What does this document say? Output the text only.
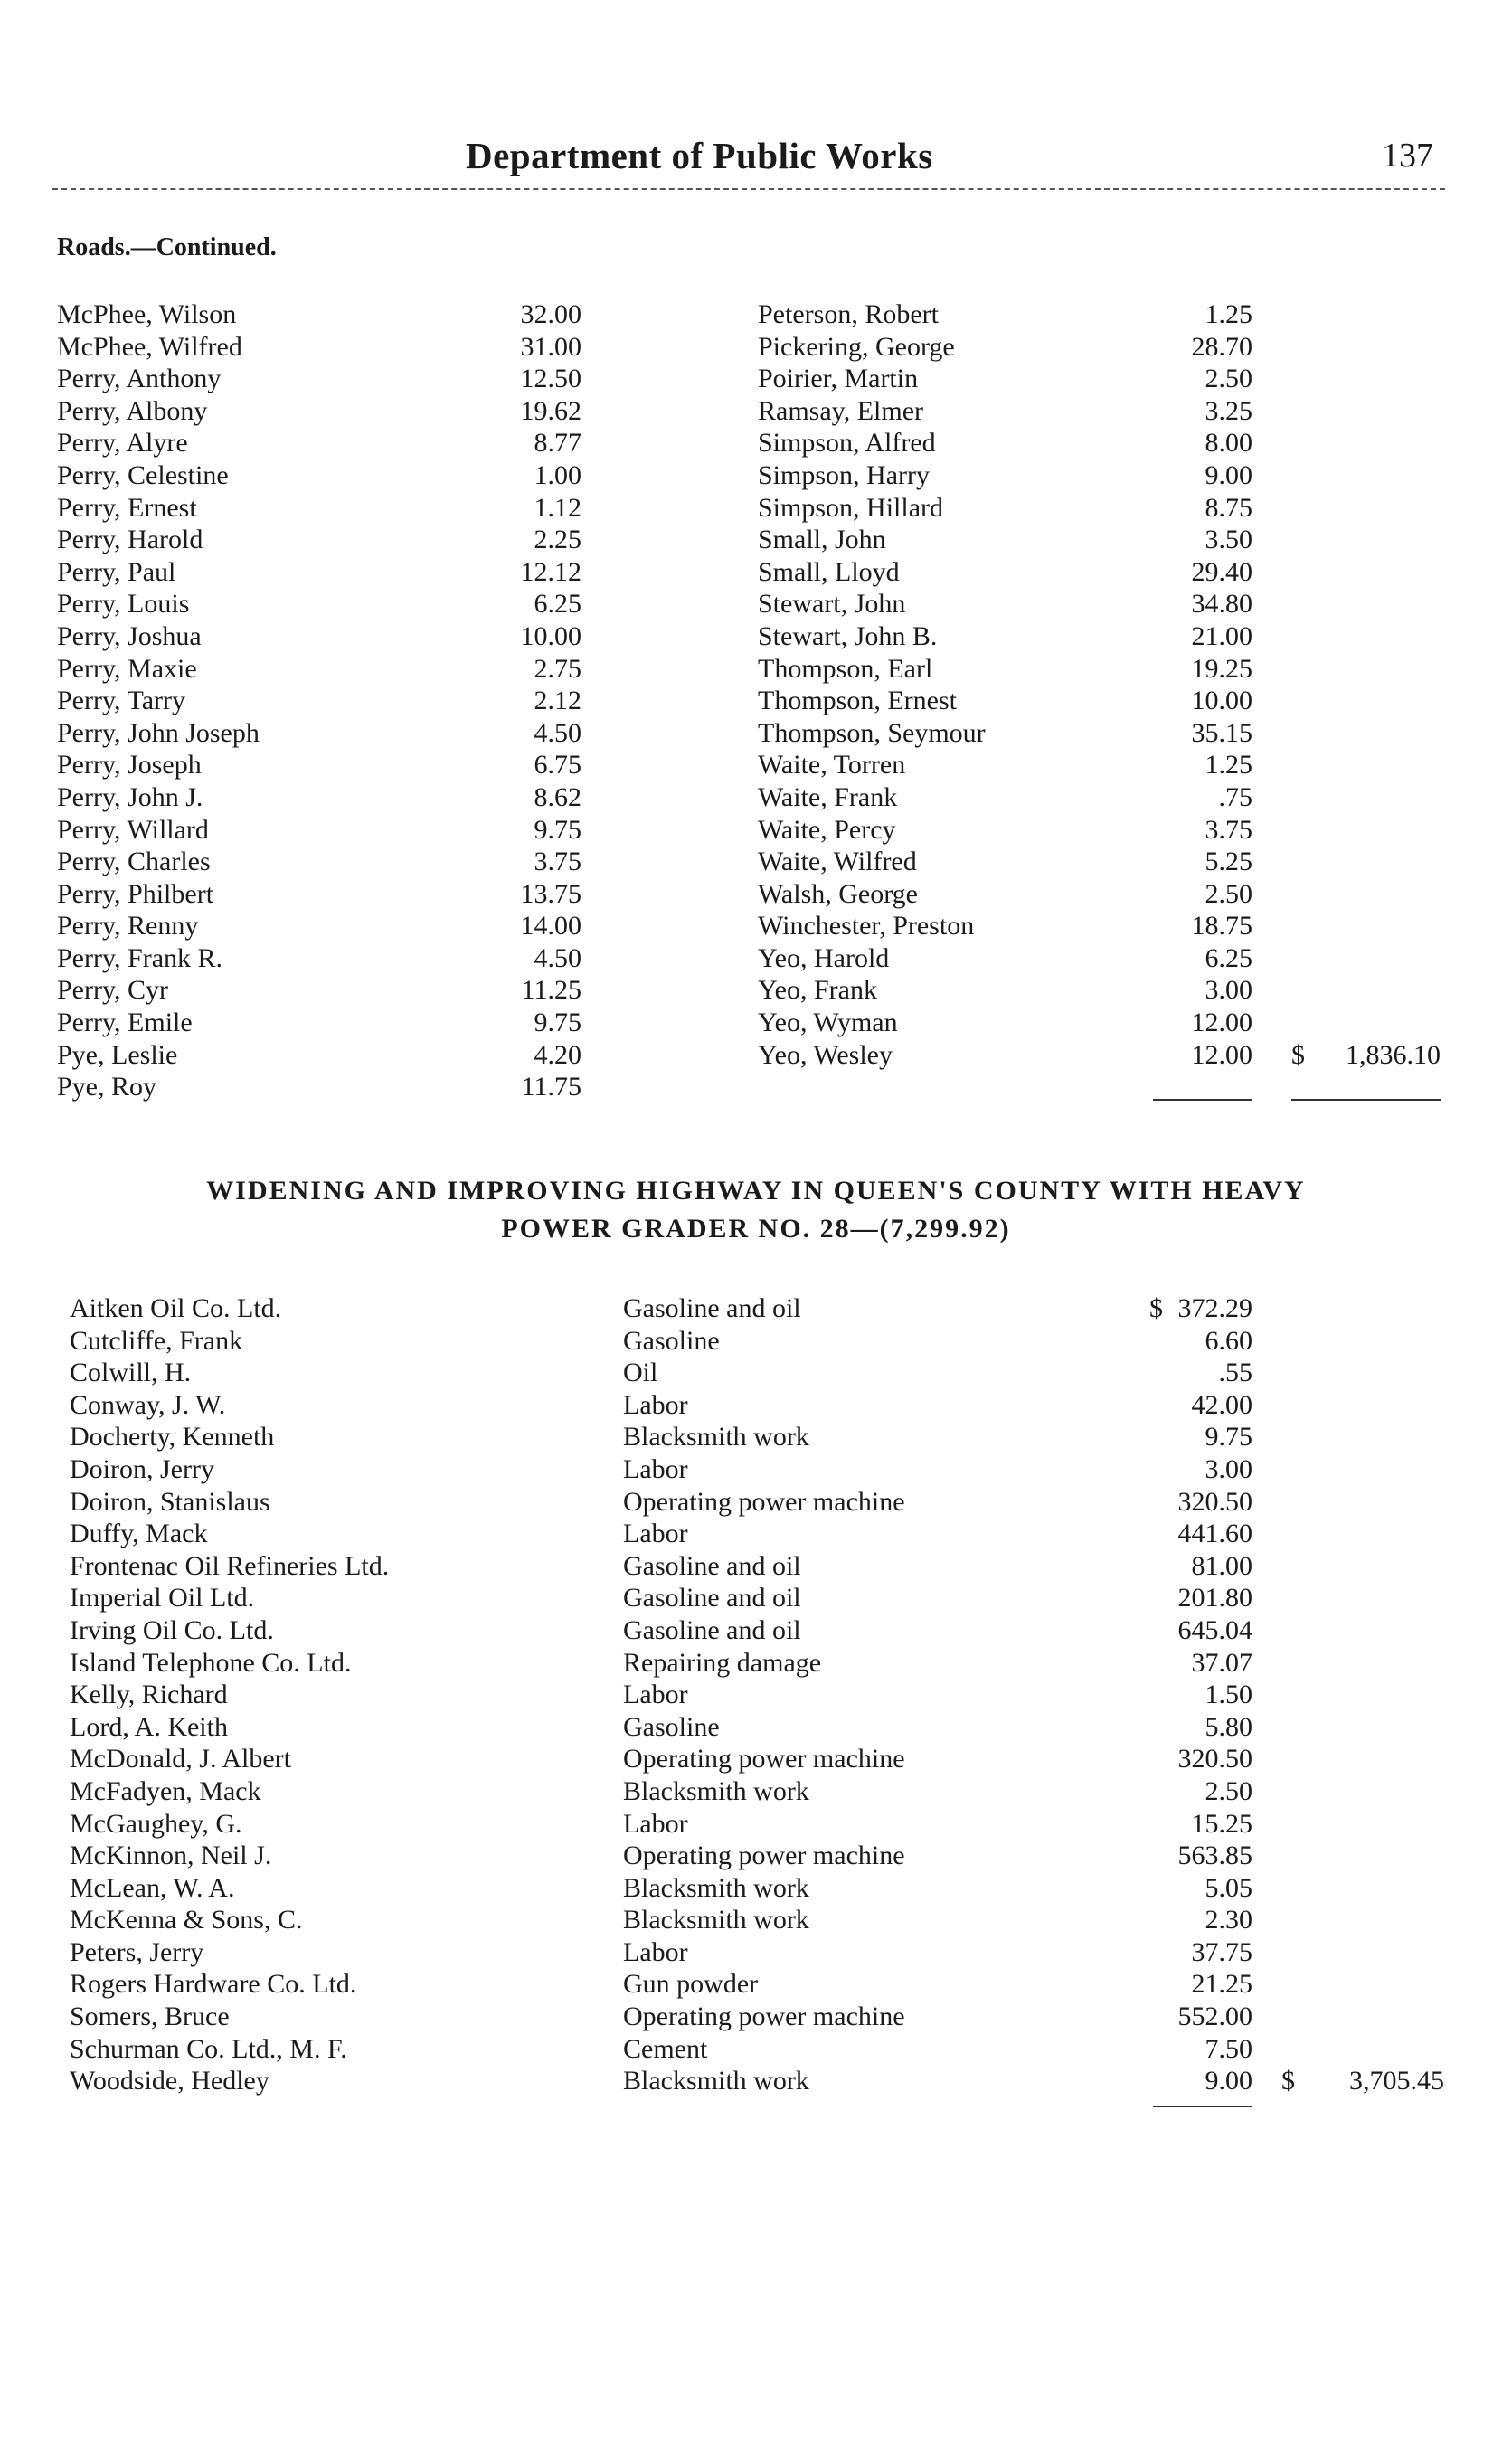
Department of Public Works	137
Roads.—Continued.
McPhee, Wilson	32.00
McPhee, Wilfred	31.00
Perry, Anthony	12.50
Perry, Albony	19.62
Perry, Alyre	8.77
Perry, Celestine	1.00
Perry, Ernest	1.12
Perry, Harold	2.25
Perry, Paul	12.12
Perry, Louis	6.25
Perry, Joshua	10.00
Perry, Maxie	2.75
Perry, Tarry	2.12
Perry, John Joseph	4.50
Perry, Joseph	6.75
Perry, John J.	8.62
Perry, Willard	9.75
Perry, Charles	3.75
Perry, Philbert	13.75
Perry, Renny	14.00
Perry, Frank R.	4.50
Perry, Cyr	11.25
Perry, Emile	9.75
Pye, Leslie	4.20
Pye, Roy	11.75
Peterson, Robert	1.25
Pickering, George	28.70
Poirier, Martin	2.50
Ramsay, Elmer	3.25
Simpson, Alfred	8.00
Simpson, Harry	9.00
Simpson, Hillard	8.75
Small, John	3.50
Small, Lloyd	29.40
Stewart, John	34.80
Stewart, John B.	21.00
Thompson, Earl	19.25
Thompson, Ernest	10.00
Thompson, Seymour	35.15
Waite, Torren	1.25
Waite, Frank	.75
Waite, Percy	3.75
Waite, Wilfred	5.25
Walsh, George	2.50
Winchester, Preston	18.75
Yeo, Harold	6.25
Yeo, Frank	3.00
Yeo, Wyman	12.00
Yeo, Wesley	12.00 $	1,836.10
WIDENING AND IMPROVING HIGHWAY IN QUEEN'S COUNTY WITH HEAVY
POWER GRADER NO. 28—(7,299.92)
Aitken Oil Co. Ltd.	Gasoline and oil	$ 372.29
Cutcliffe, Frank	Gasoline	6.60
Colwill, H.	Oil	.55
Conway, J. W.	Labor	42.00
Docherty, Kenneth	Blacksmith work	9.75
Doiron, Jerry	Labor	3.00
Doiron, Stanislaus	Operating power machine	320.50
Duffy, Mack	Labor	441.60
Frontenac Oil Refineries Ltd.	Gasoline and oil	81.00
Imperial Oil Ltd.	Gasoline and oil	201.80
Irving Oil Co. Ltd.	Gasoline and oil	645.04
Island Telephone Co. Ltd.	Repairing damage	37.07
Kelly, Richard	Labor	1.50
Lord, A. Keith	Gasoline	5.80
McDonald, J. Albert	Operating power machine	320.50
McFadyen, Mack	Blacksmith work	2.50
McGaughey, G.	Labor	15.25
McKinnon, Neil J.	Operating power machine	563.85
McLean, W. A.	Blacksmith work	5.05
McKenna & Sons, C.	Blacksmith work	2.30
Peters, Jerry	Labor	37.75
Rogers Hardware Co. Ltd.	Gun powder	21.25
Somers, Bruce	Operating power machine	552.00
Schurman Co. Ltd., M. F.	Cement	7.50
Woodside, Hedley	Blacksmith work	9.00 $	3,705.45
